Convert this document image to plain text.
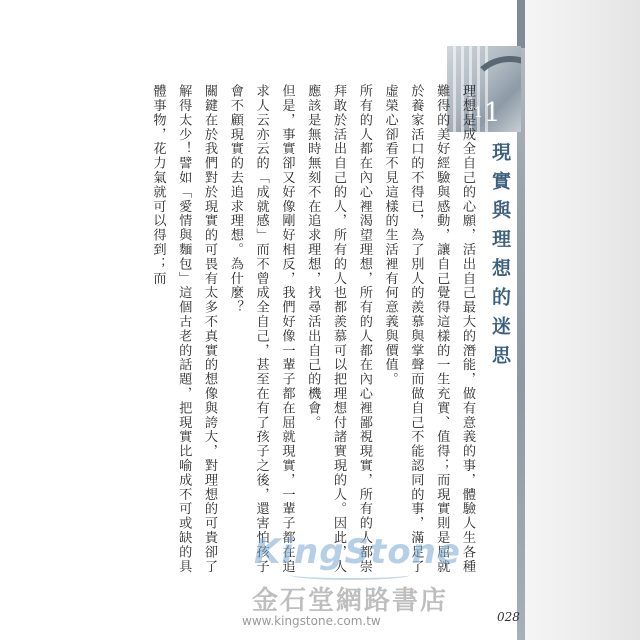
11
現實與理想的迷思

理想是成全自己的心願，活出自己最大的潛能，做有意義的事，體驗人生各種難得的美好經驗與感動，讓自己覺得這樣的一生充實、值得；而現實則是屈就於養家活口的不得已，為了別人的羨慕與掌聲而做自己不能認同的事，滿足了虛榮心卻看不見這樣的生活裡有何意義與價值。

所有的人都在內心裡渴望理想，所有的人都在內心裡鄙視現實，所有的人都崇拜敢於活出自己的人，所有的人也都羨慕可以把理想付諸實現的人。因此，人應該是無時無刻不在追求理想，找尋活出自己的機會。

但是，事實卻又好像剛好相反，我們好像一輩子都在屈就現實，一輩子都在追求人云亦云的「成就感」而不曾成全自己，甚至在有了孩子之後，還害怕孩子會不顧現實的去追求理想。為什麼？

關鍵在於我們對於現實的可畏有太多不真實的想像與誇大，對理想的可貴卻了解得太少！譬如「愛情與麵包」這個古老的話題，把現實比喻成不可或缺的具體事物，花力氣就可以得到；而

KingStone
金石堂網路書店
www.kingstone.com.tw	028
